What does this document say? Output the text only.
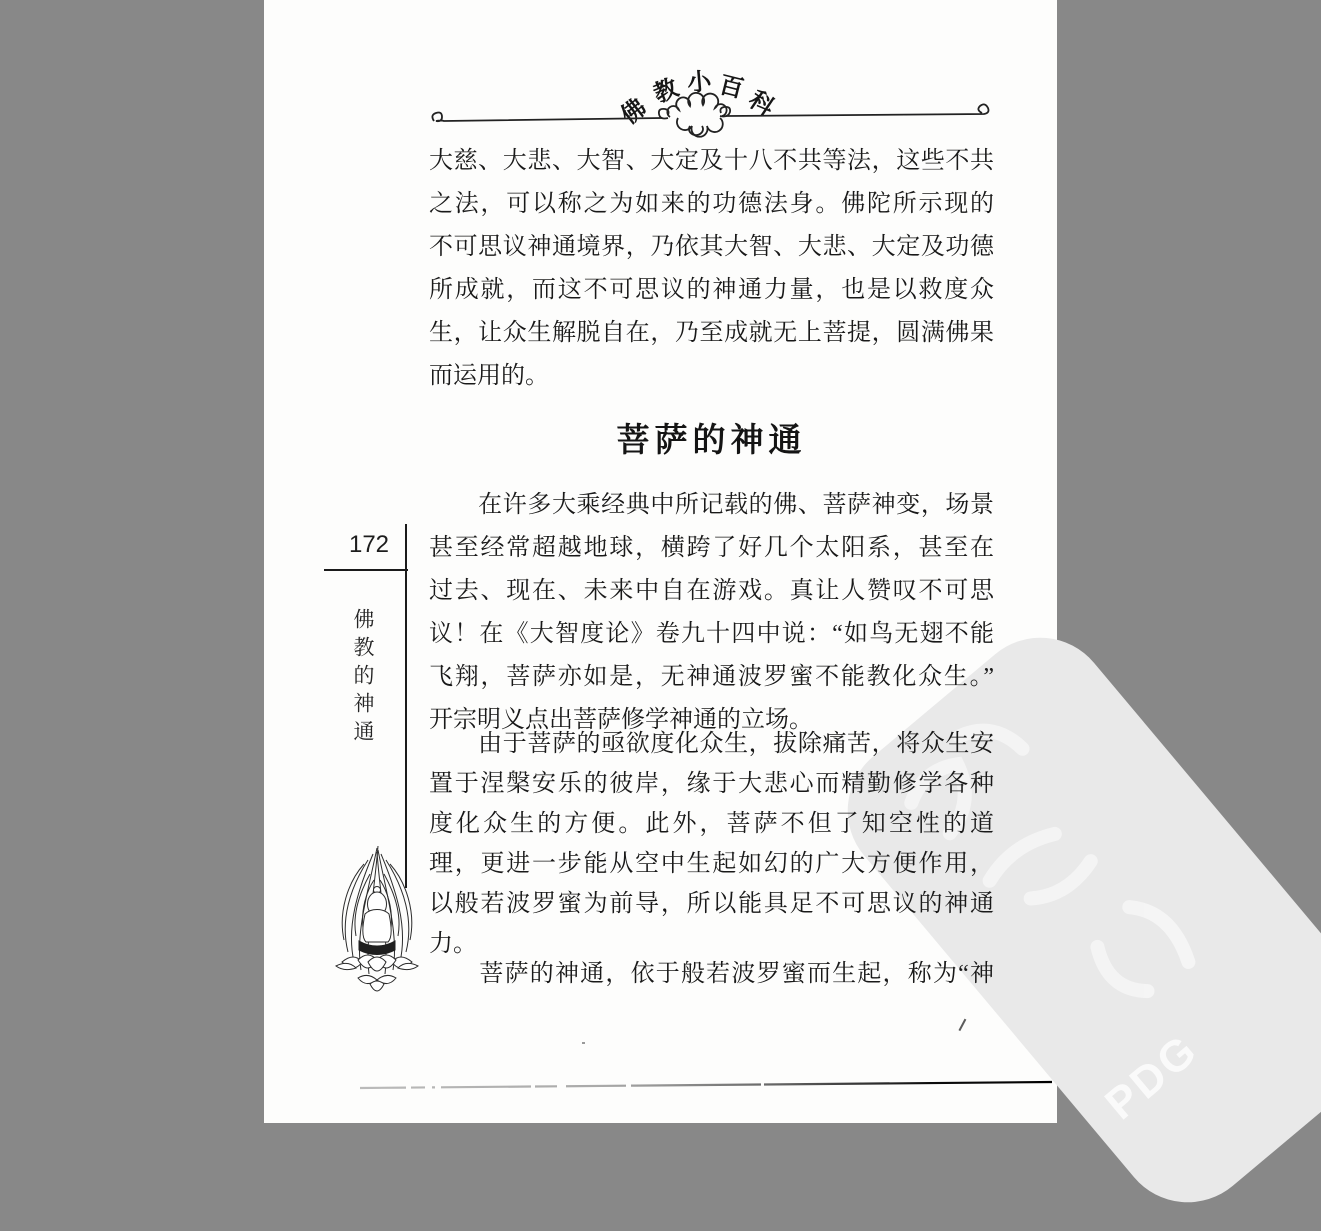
PDG
佛
教 小 百
科
大慈、大悲、大智、大定及十八不共等法，这些不共
之法，可以称之为如来的功德法身。佛陀所示现的
不可思议神通境界，乃依其大智、大悲、大定及功德
所成就，而这不可思议的神通力量，也是以救度众
生，让众生解脱自在，乃至成就无上菩提，圆满佛果
而运用的。
菩萨的神通
　　在许多大乘经典中所记载的佛、菩萨神变，场景
甚至经常超越地球，横跨了好几个太阳系，甚至在
过去、现在、未来中自在游戏。真让人赞叹不可思
议！在《大智度论》卷九十四中说：“如鸟无翅不能
飞翔，菩萨亦如是，无神通波罗蜜不能教化众生。”
开宗明义点出菩萨修学神通的立场。
　　由于菩萨的亟欲度化众生，拔除痛苦，将众生安
置于涅槃安乐的彼岸，缘于大悲心而精勤修学各种
度化众生的方便。此外，菩萨不但了知空性的道
理，更进一步能从空中生起如幻的广大方便作用，
以般若波罗蜜为前导，所以能具足不可思议的神通
力。
　　菩萨的神通，依于般若波罗蜜而生起，称为“神
172
佛教的神通
